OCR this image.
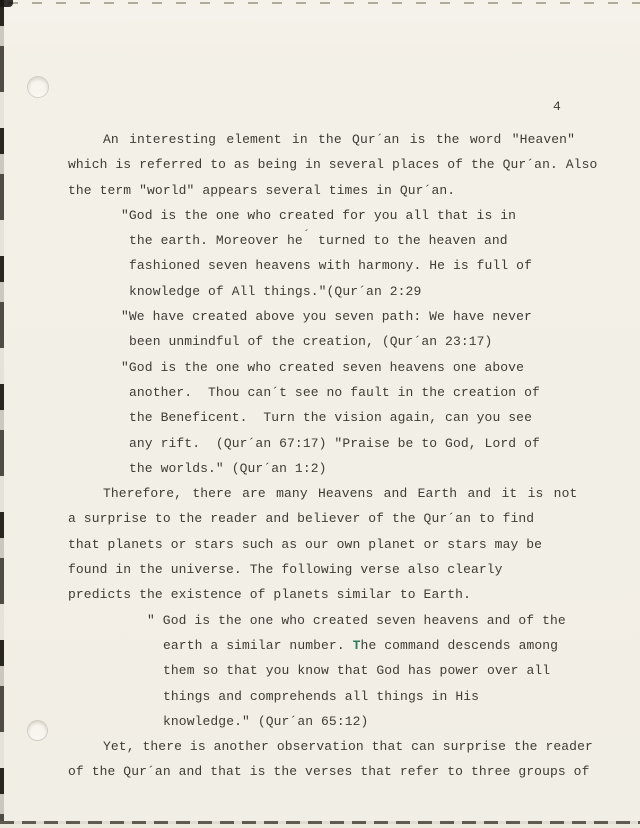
4
An interesting element in the Qur´an is the word "Heaven"
which is referred to as being in several places of the Qur´an. Also
the term "world" appears several times in Qur´an.
"God is the one who created for you all that is in
the earth. Moreover he´ turned to the heaven and
fashioned seven heavens with harmony. He is full of
knowledge of All things."(Qur´an 2:29
"We have created above you seven path: We have never
been unmindful of the creation, (Qur´an 23:17)
"God is the one who created seven heavens one above
another.  Thou can´t see no fault in the creation of
the Beneficent.  Turn the vision again, can you see
any rift.  (Qur´an 67:17) "Praise be to God, Lord of
the worlds." (Qur´an 1:2)
Therefore, there are many Heavens and Earth and it is not
a surprise to the reader and believer of the Qur´an to find
that planets or stars such as our own planet or stars may be
found in the universe. The following verse also clearly
predicts the existence of planets similar to Earth.
" God is the one who created seven heavens and of the
earth a similar number. The command descends among
them so that you know that God has power over all
things and comprehends all things in His
knowledge." (Qur´an 65:12)
Yet, there is another observation that can surprise the reader
of the Qur´an and that is the verses that refer to three groups of
